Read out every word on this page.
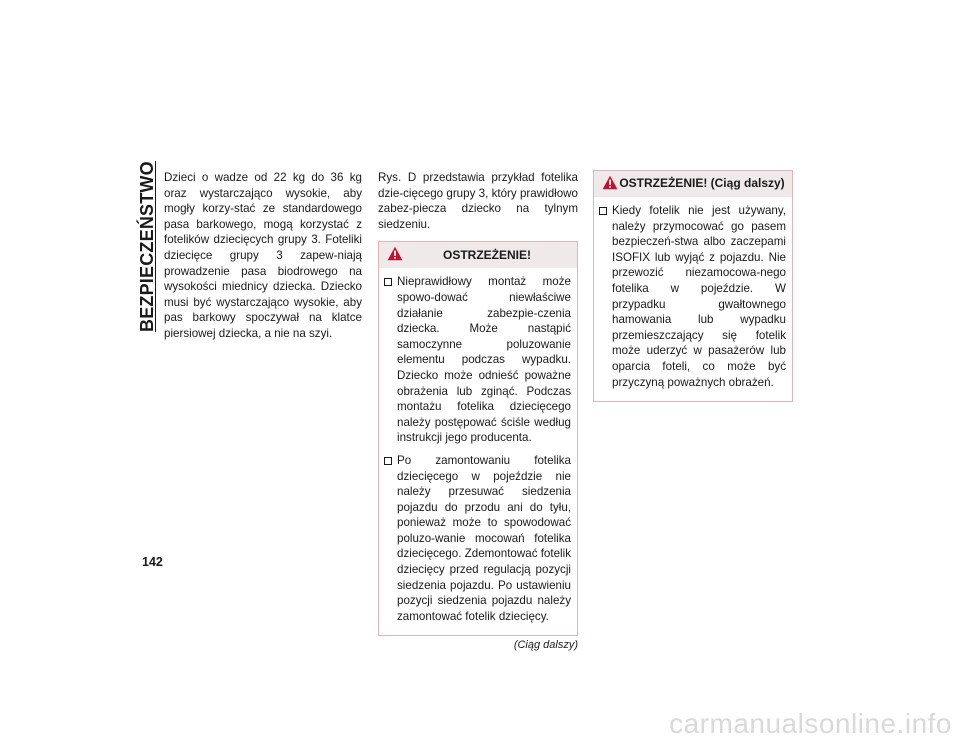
BEZPIECZEŃSTWO
142
Dzieci o wadze od 22 kg do 36 kg oraz wystarczająco wysokie, aby mogły korzy-stać ze standardowego pasa barkowego, mogą korzystać z fotelików dziecięcych grupy 3. Foteliki dziecięce grupy 3 zapew-niają prowadzenie pasa biodrowego na wysokości miednicy dziecka. Dziecko musi być wystarczająco wysokie, aby pas barkowy spoczywał na klatce piersiowej dziecka, a nie na szyi.
Rys. D przedstawia przykład fotelika dzie-cięcego grupy 3, który prawidłowo zabez-piecza dziecko na tylnym siedzeniu.
OSTRZEŻENIE!
Nieprawidłowy montaż może spowo-dować niewłaściwe działanie zabezpie-czenia dziecka. Może nastąpić samoczynne poluzowanie elementu podczas wypadku. Dziecko może odnieść poważne obrażenia lub zginąć. Podczas montażu fotelika dziecięcego należy postępować ściśle według instrukcji jego producenta.
Po zamontowaniu fotelika dziecięcego w pojeździe nie należy przesuwać siedzenia pojazdu do przodu ani do tyłu, ponieważ może to spowodować poluzo-wanie mocowań fotelika dziecięcego. Zdemontować fotelik dziecięcy przed regulacją pozycji siedzenia pojazdu. Po ustawieniu pozycji siedzenia pojazdu należy zamontować fotelik dziecięcy.
(Ciąg dalszy)
OSTRZEŻENIE! (Ciąg dalszy)
Kiedy fotelik nie jest używany, należy przymocować go pasem bezpieczeń-stwa albo zaczepami ISOFIX lub wyjąć z pojazdu. Nie przewozić niezamocowa-nego fotelika w pojeździe. W przypadku gwałtownego hamowania lub wypadku przemieszczający się fotelik może uderzyć w pasażerów lub oparcia foteli, co może być przyczyną poważnych obrażeń.
carmanualsonline.info
